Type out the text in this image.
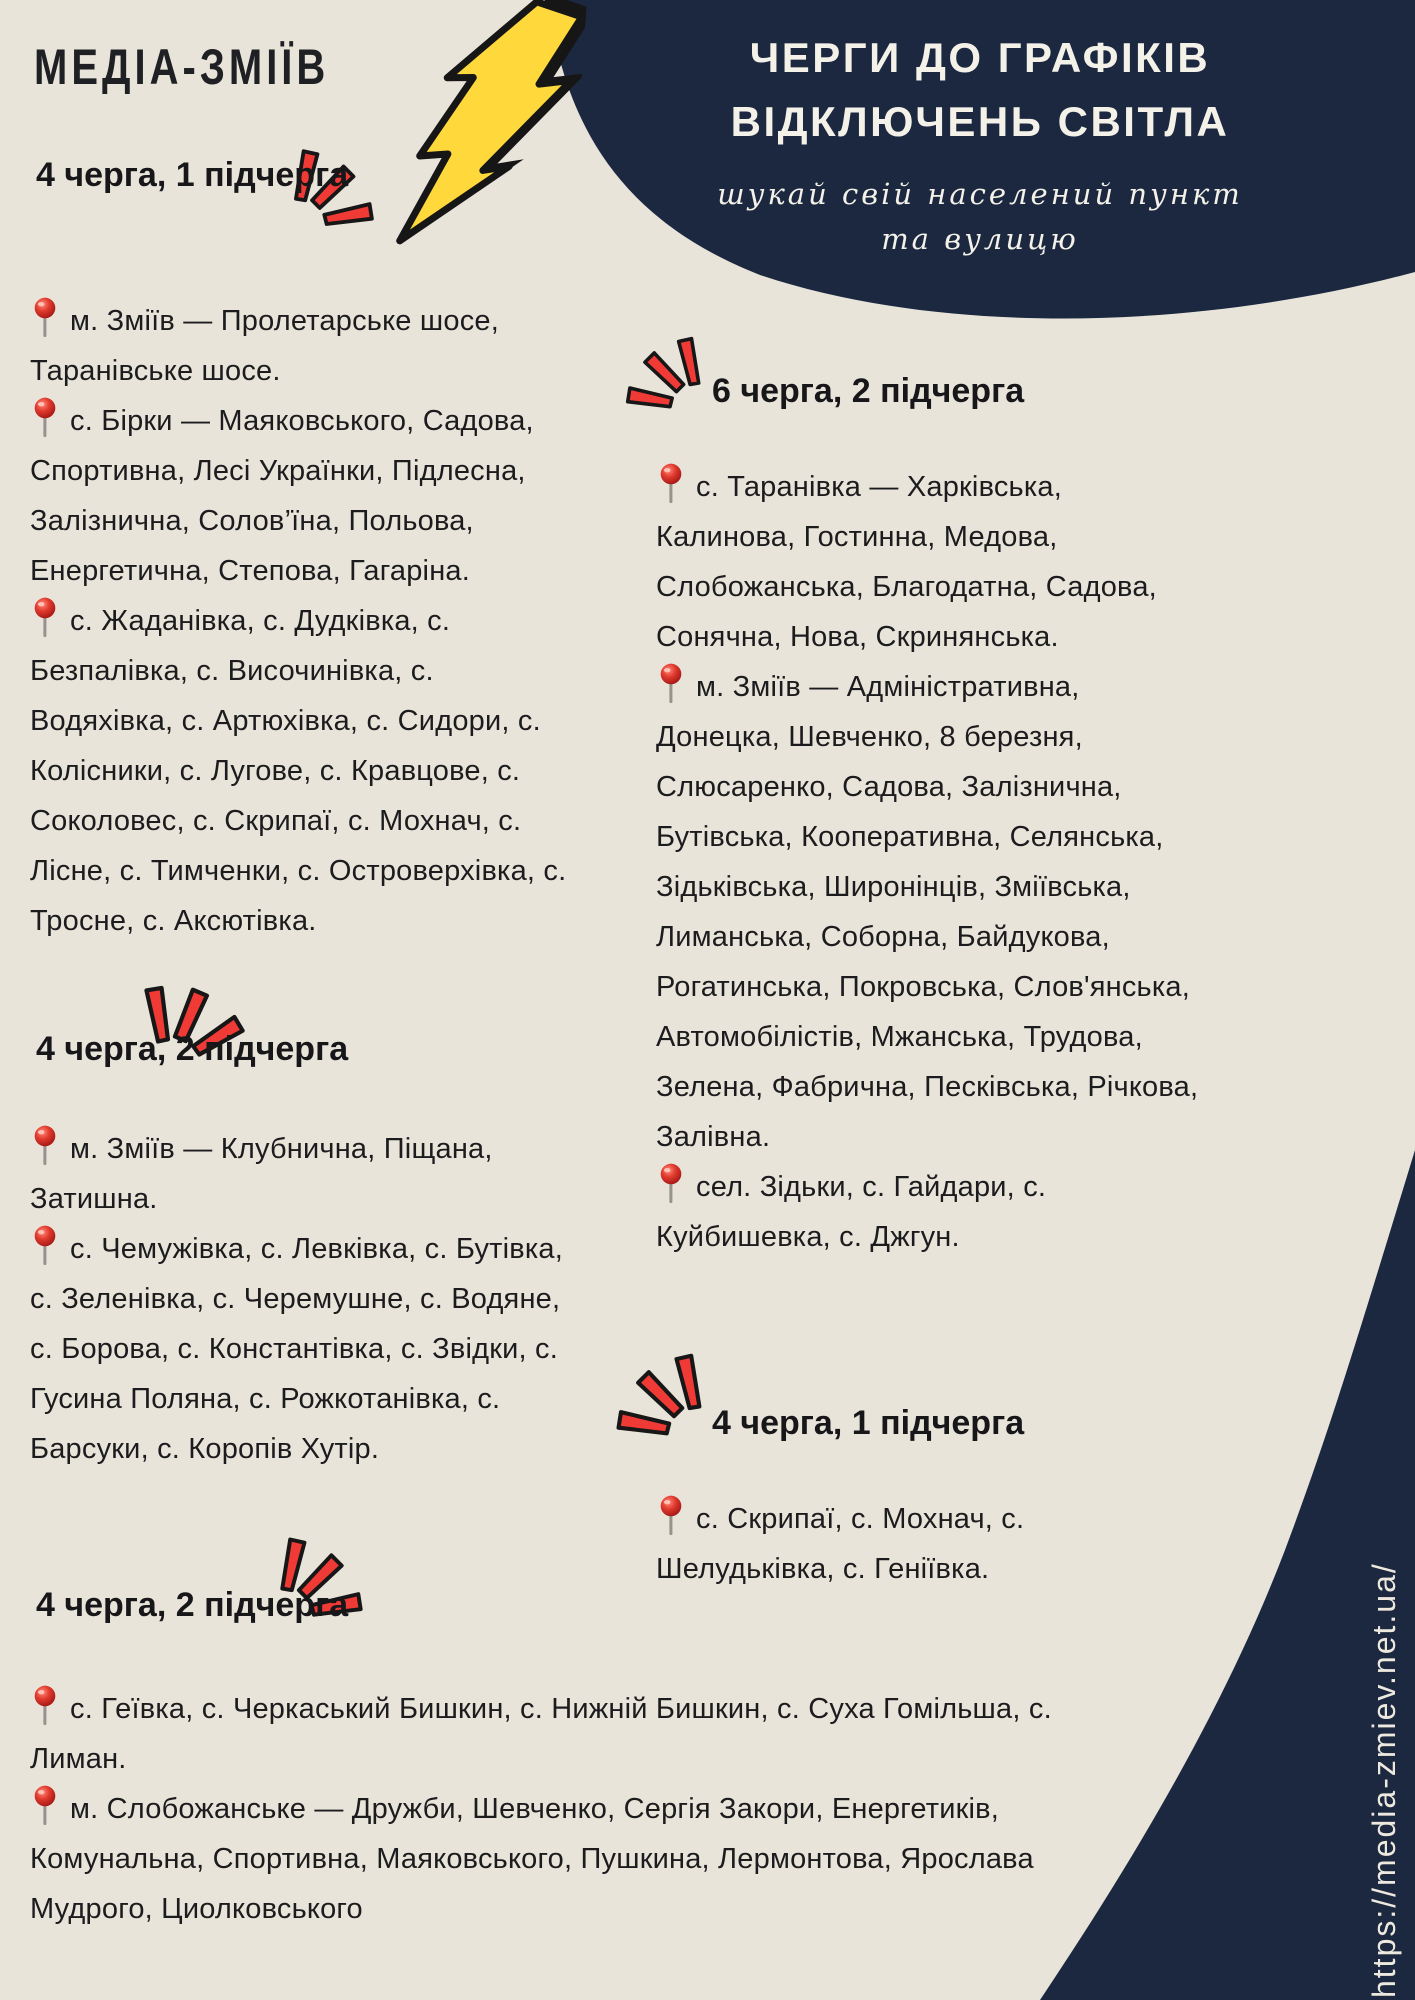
МЕДІА-ЗМІЇВ	ЧЕРГИ ДО ГРАФІКІВ
ВІДКЛЮЧЕНЬ СВІТЛА
шукай свій населений пункт
та вулицю
4 черга, 1 підчерга

м. Зміїв — Пролетарське шосе, Таранівське шосе.

с. Бірки — Маяковського, Садова, Спортивна, Лесі Українки, Підлесна, Залізнична, Солов’їна, Польова, Енергетична, Степова, Гагаріна.

с. Жаданівка, с. Дудківка, с. Безпалівка, с. Височинівка, с. Водяхівка, с. Артюхівка, с. Сидори, с. Колісники, с. Лугове, с. Кравцове, с. Соколовес, с. Скрипаї, с. Мохнач, с. Лісне, с. Тимченки, с. Островерхівка, с. Тросне, с. Аксютівка.

4 черга, 2 підчерга

м. Зміїв — Клубнична, Піщана, Затишна.

с. Чемужівка, с. Левківка, с. Бутівка, с. Зеленівка, с. Черемушне, с. Водяне, с. Борова, с. Константівка, с. Звідки, с. Гусина Поляна, с. Рожкотанівка, с. Барсуки, с. Коропів Хутір.

6 черга, 2 підчерга

с. Таранівка — Харківська, Калинова, Гостинна, Медова, Слобожанська, Благодатна, Садова, Сонячна, Нова, Скринянська.

м. Зміїв — Адміністративна, Донецка, Шевченко, 8 березня, Слюсаренко, Садова, Залізнична, Бутівська, Кооперативна, Селянська, Зідьківська, Широнінців, Зміївська, Лиманська, Соборна, Байдукова, Рогатинська, Покровська, Слов'янська, Автомобілістів, Мжанська, Трудова, Зелена, Фабрична, Песківська, Річкова, Залівна.

сел. Зідьки, с. Гайдари, с. Куйбишевка, с. Джгун.

4 черга, 1 підчерга

с. Скрипаї, с. Мохнач, с. Шелудьківка, с. Геніївка.

4 черга, 2 підчерга

с. Геївка, с. Черкаський Бишкин, с. Нижній Бишкин, с. Суха Гомільша, с. Лиман.

м. Слобожанське — Дружби, Шевченко, Сергія Закори, Енергетиків, Комунальна, Спортивна, Маяковського, Пушкина, Лермонтова, Ярослава Мудрого, Циолковського	https://media-zmiev.net.ua/
